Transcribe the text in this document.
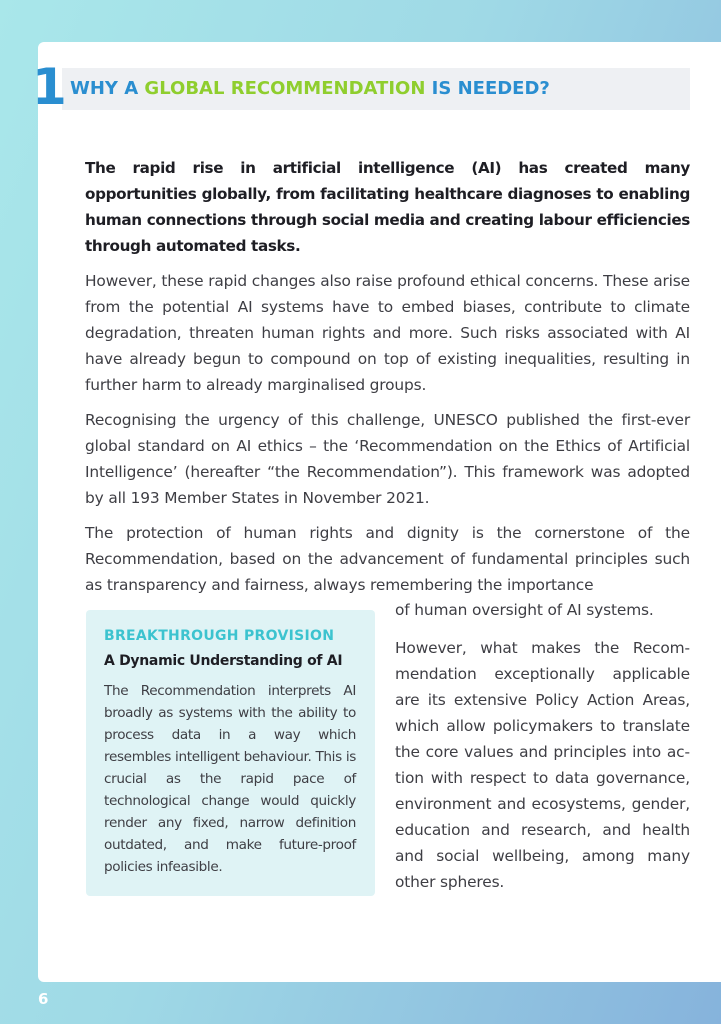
1 WHY A GLOBAL RECOMMENDATION IS NEEDED?

The rapid rise in artificial intelligence (AI) has created many opportunities globally, from facilitating healthcare diagnoses to enabling human connections through social media and creating labour efficiencies through automated tasks.

However, these rapid changes also raise profound ethical concerns. These arise from the potential AI systems have to embed biases, contribute to climate degradation, threaten human rights and more. Such risks associated with AI have already begun to compound on top of existing inequalities, resulting in further harm to already marginalised groups.

Recognising the urgency of this challenge, UNESCO published the first-ever global standard on AI ethics – the ‘Recommendation on the Ethics of Artificial Intelligence’ (hereafter “the Recommendation”). This framework was adopted by all 193 Member States in November 2021.

The protection of human rights and dignity is the cornerstone of the Recommendation, based on the advancement of fundamental principles such as transparency and fairness, always remembering the importance

of human oversight of AI systems.

However, what makes the Recommendation exceptionally applicable are its extensive Policy Action Areas, which allow policymakers to translate the core values and principles into action with respect to data governance, environment and ecosystems, gender, education and research, and health and social wellbeing, among many other spheres.

BREAKTHROUGH PROVISION

A Dynamic Understanding of AI

The Recommendation interprets AI broadly as systems with the ability to process data in a way which resembles intelligent behaviour. This is crucial as the rapid pace of technological change would quickly render any fixed, narrow definition outdated, and make future-proof policies infeasible.

6
